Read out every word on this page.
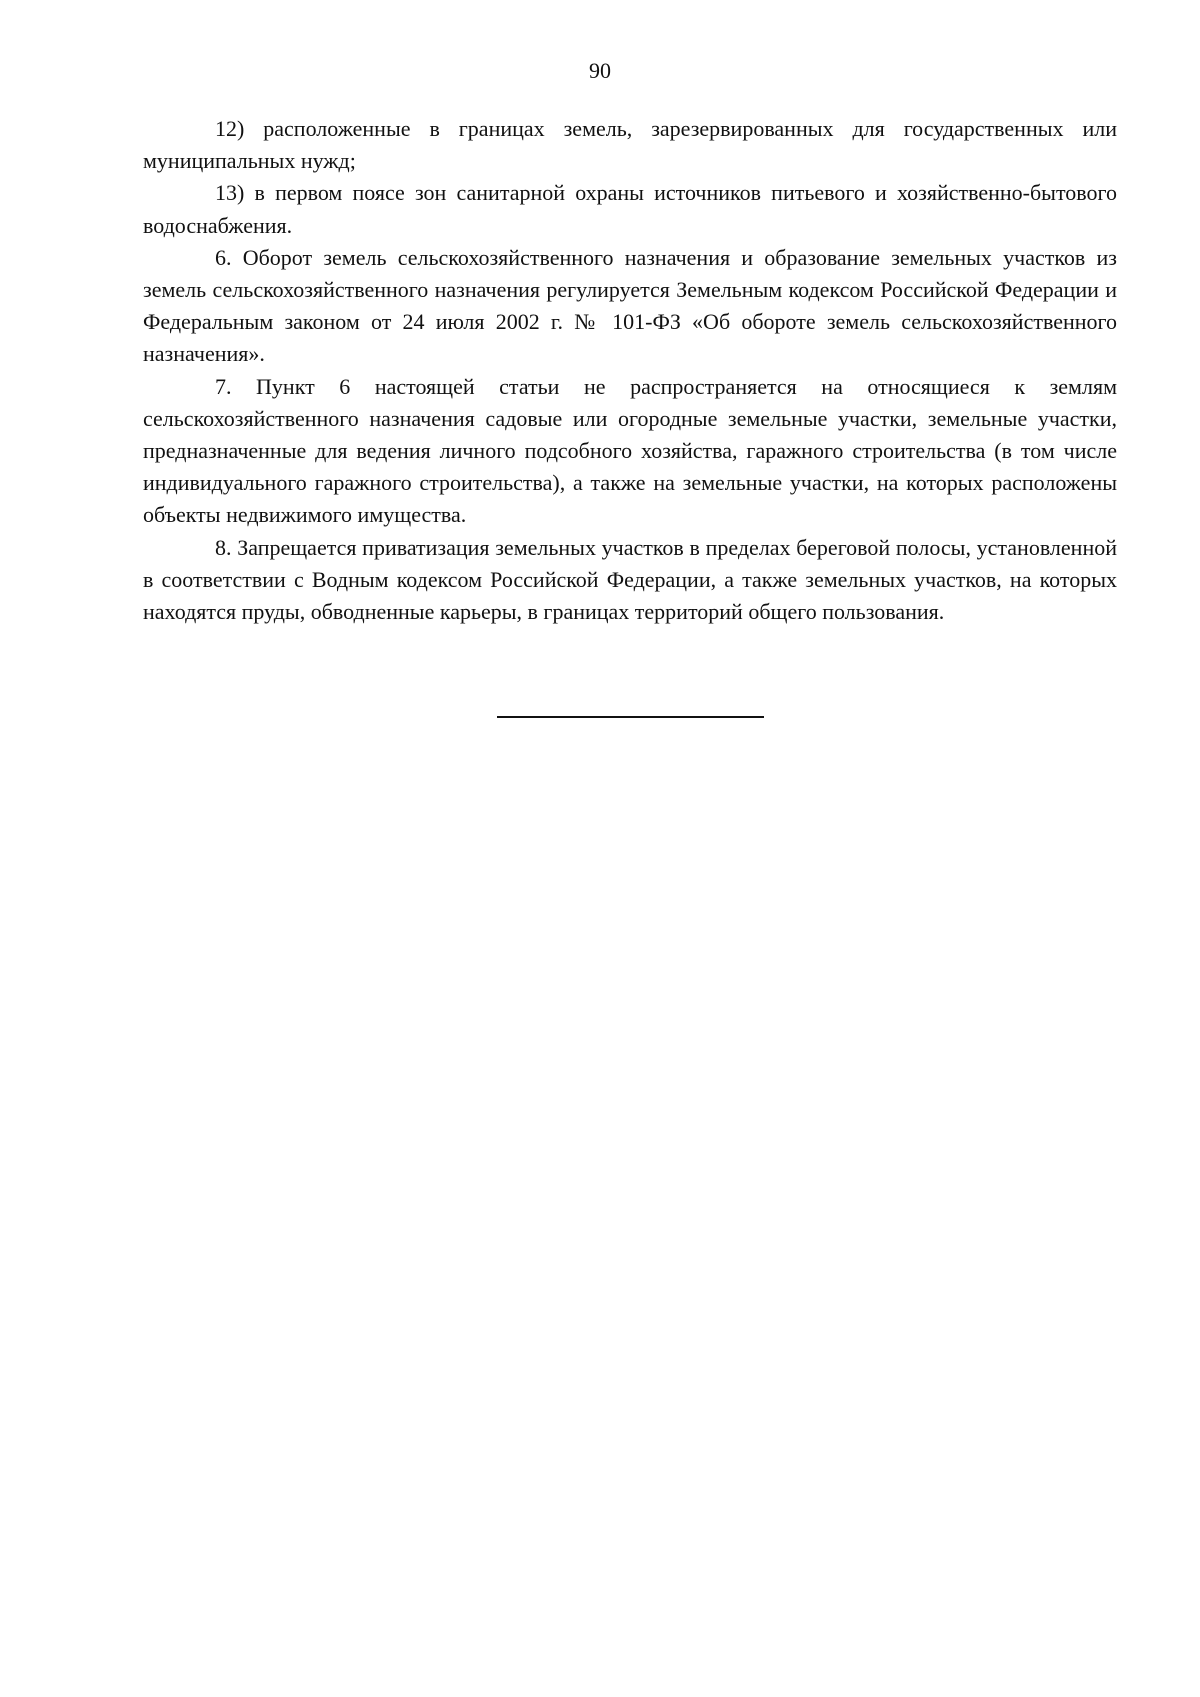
90

12) расположенные в границах земель, зарезервированных для государственных или муниципальных нужд;

13) в первом поясе зон санитарной охраны источников питьевого и хозяйственно-бытового водоснабжения.

6. Оборот земель сельскохозяйственного назначения и образование земельных участков из земель сельскохозяйственного назначения регулируется Земельным кодексом Российской Федерации и Федеральным законом от 24 июля 2002 г. № 101-ФЗ «Об обороте земель сельскохозяйственного назначения».

7. Пункт 6 настоящей статьи не распространяется на относящиеся к землям сельскохозяйственного назначения садовые или огородные земельные участки, земельные участки, предназначенные для ведения личного подсобного хозяйства, гаражного строительства (в том числе индивидуального гаражного строительства), а также на земельные участки, на которых расположены объекты недвижимого имущества.

8. Запрещается приватизация земельных участков в пределах береговой полосы, установленной в соответствии с Водным кодексом Российской Федерации, а также земельных участков, на которых находятся пруды, обводненные карьеры, в границах территорий общего пользования.
